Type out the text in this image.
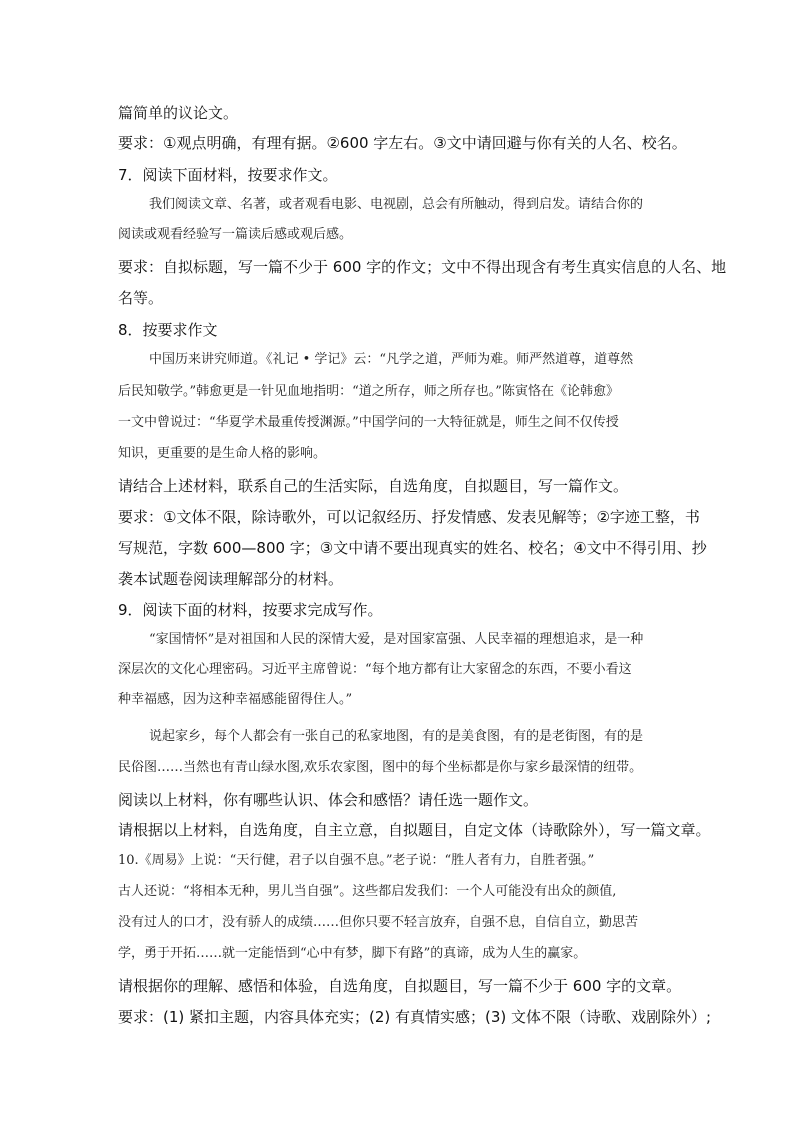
篇简单的议论文。
要求：①观点明确，有理有据。②600 字左右。③文中请回避与你有关的人名、校名。
7．阅读下面材料，按要求作文。
我们阅读文章、名著，或者观看电影、电视剧，总会有所触动，得到启发。请结合你的
阅读或观看经验写一篇读后感或观后感。
要求：自拟标题，写一篇不少于 600 字的作文；文中不得出现含有考生真实信息的人名、地
名等。
8．按要求作文
中国历来讲究师道。《礼记 • 学记》云：“凡学之道，严师为难。师严然道尊，道尊然
后民知敬学。”韩愈更是一针见血地指明：“道之所存，师之所存也。”陈寅恪在《论韩愈》
一文中曾说过：“华夏学术最重传授渊源。”中国学问的一大特征就是，师生之间不仅传授
知识，更重要的是生命人格的影响。
请结合上述材料，联系自己的生活实际，自选角度，自拟题目，写一篇作文。
要求：①文体不限，除诗歌外，可以记叙经历、抒发情感、发表见解等；②字迹工整，书
写规范，字数 600—800 字；③文中请不要出现真实的姓名、校名；④文中不得引用、抄
袭本试题卷阅读理解部分的材料。
9．阅读下面的材料，按要求完成写作。
“家国情怀”是对祖国和人民的深情大爱，是对国家富强、人民幸福的理想追求，是一种
深层次的文化心理密码。习近平主席曾说：“每个地方都有让大家留念的东西，不要小看这
种幸福感，因为这种幸福感能留得住人。”
说起家乡，每个人都会有一张自己的私家地图，有的是美食图，有的是老街图，有的是
民俗图……当然也有青山绿水图,欢乐农家图，图中的每个坐标都是你与家乡最深情的纽带。
阅读以上材料，你有哪些认识、体会和感悟？请任选一题作文。
请根据以上材料，自选角度，自主立意，自拟题目，自定文体（诗歌除外），写一篇文章。
10.《周易》上说：“天行健，君子以自强不息。”老子说：“胜人者有力，自胜者强。”
古人还说：“将相本无种，男儿当自强”。这些都启发我们：一个人可能没有出众的颜值,
没有过人的口才，没有骄人的成绩……但你只要不轻言放弃，自强不息，自信自立，勤思苦
学，勇于开拓……就一定能悟到“心中有梦，脚下有路”的真谛，成为人生的赢家。
请根据你的理解、感悟和体验，自选角度，自拟题目，写一篇不少于 600 字的文章。
要求：(1) 紧扣主题，内容具体充实；(2) 有真情实感；(3) 文体不限（诗歌、戏剧除外）;
